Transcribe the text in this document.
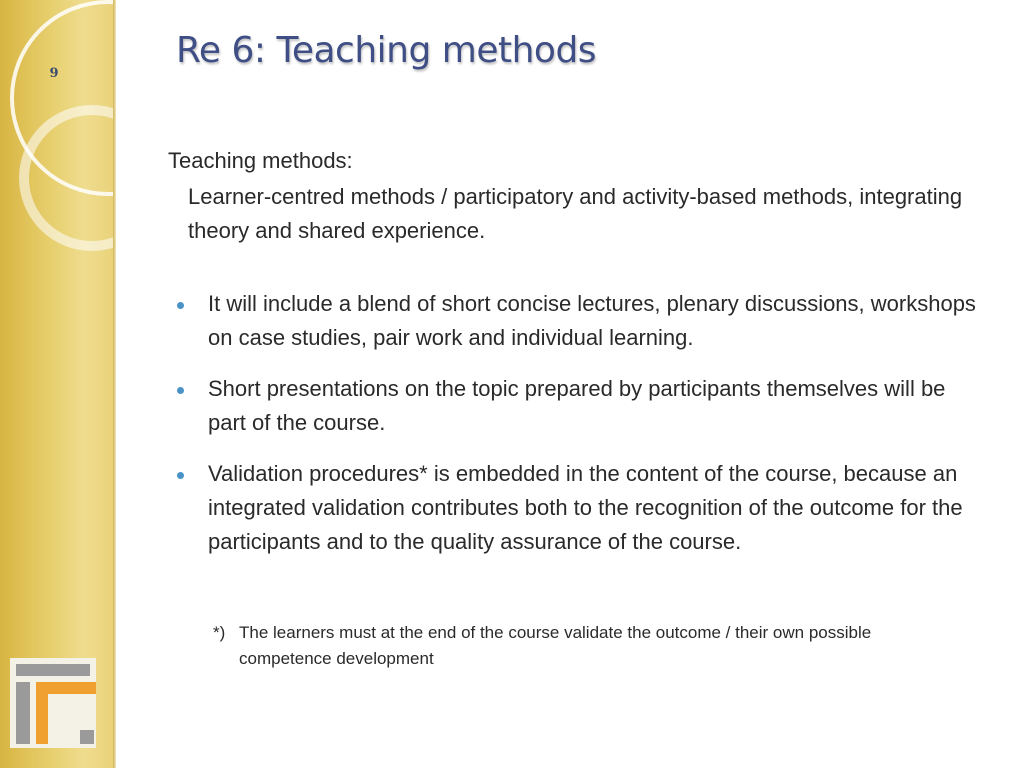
9
Re 6: Teaching methods
Teaching methods:
Learner-centred methods / participatory and activity-based methods, integrating theory and shared experience.
It will include a blend of short concise lectures, plenary discussions, workshops on case studies, pair work and individual learning.
Short presentations on the topic prepared by participants themselves will be part of the course.
Validation procedures* is embedded in the content of the course, because an integrated validation contributes both to the recognition of the outcome for the participants and to the quality assurance of the course.
*) The learners must at the end of the course validate the outcome / their own possible
competence development
